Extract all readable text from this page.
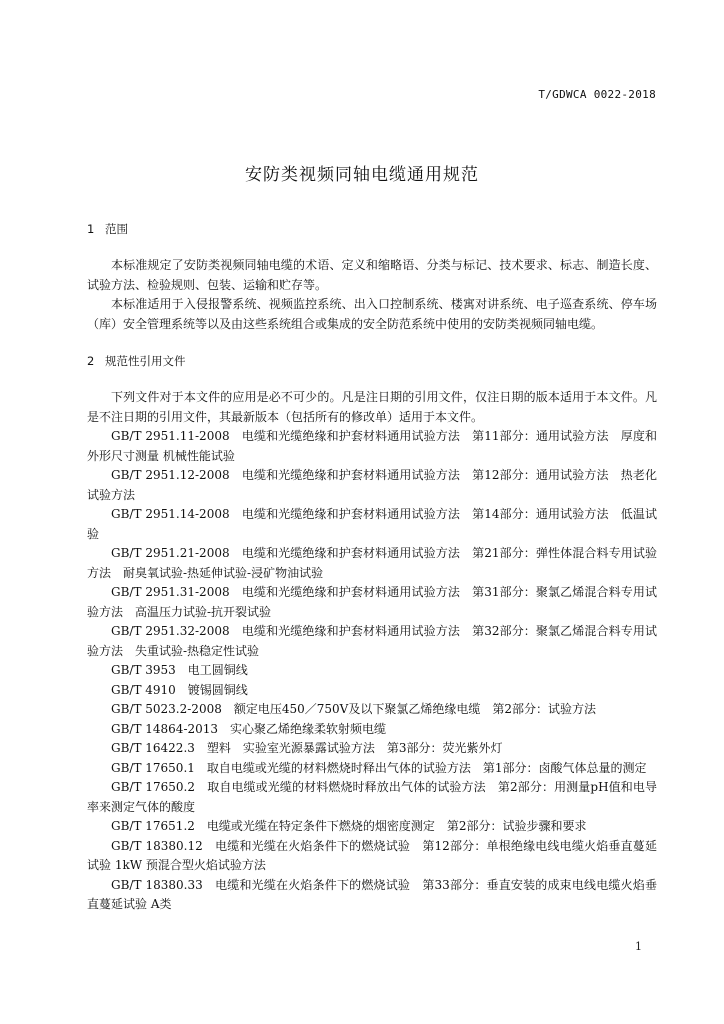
T/GDWCA 0022-2018
安防类视频同轴电缆通用规范
1 范围

本标准规定了安防类视频同轴电缆的术语、定义和缩略语、分类与标记、技术要求、标志、制造长度、试验方法、检验规则、包装、运输和贮存等。

本标准适用于入侵报警系统、视频监控系统、出入口控制系统、楼寓对讲系统、电子巡查系统、停车场（库）安全管理系统等以及由这些系统组合或集成的安全防范系统中使用的安防类视频同轴电缆。

2 规范性引用文件

下列文件对于本文件的应用是必不可少的。凡是注日期的引用文件，仅注日期的版本适用于本文件。凡是不注日期的引用文件，其最新版本（包括所有的修改单）适用于本文件。

GB/T 2951.11-2008　电缆和光缆绝缘和护套材料通用试验方法　第11部分：通用试验方法　厚度和外形尺寸测量 机械性能试验

GB/T 2951.12-2008　电缆和光缆绝缘和护套材料通用试验方法　第12部分：通用试验方法　热老化试验方法

GB/T 2951.14-2008　电缆和光缆绝缘和护套材料通用试验方法　第14部分：通用试验方法　低温试验

GB/T 2951.21-2008　电缆和光缆绝缘和护套材料通用试验方法　第21部分：弹性体混合料专用试验方法　耐臭氧试验-热延伸试验-浸矿物油试验

GB/T 2951.31-2008　电缆和光缆绝缘和护套材料通用试验方法　第31部分：聚氯乙烯混合料专用试验方法　高温压力试验-抗开裂试验

GB/T 2951.32-2008　电缆和光缆绝缘和护套材料通用试验方法　第32部分：聚氯乙烯混合料专用试验方法　失重试验-热稳定性试验

GB/T 3953　电工圆铜线

GB/T 4910　镀锡圆铜线

GB/T 5023.2-2008　额定电压450／750V及以下聚氯乙烯绝缘电缆　第2部分：试验方法

GB/T 14864-2013　实心聚乙烯绝缘柔软射频电缆

GB/T 16422.3　塑料　实验室光源暴露试验方法　第3部分：荧光紫外灯

GB/T 17650.1　取自电缆或光缆的材料燃烧时释出气体的试验方法　第1部分：卤酸气体总量的测定

GB/T 17650.2　取自电缆或光缆的材料燃烧时释放出气体的试验方法　第2部分：用测量pH值和电导率来测定气体的酸度

GB/T 17651.2　电缆或光缆在特定条件下燃烧的烟密度测定　第2部分：试验步骤和要求

GB/T 18380.12　电缆和光缆在火焰条件下的燃烧试验　第12部分：单根绝缘电线电缆火焰垂直蔓延试验 1kW 预混合型火焰试验方法

GB/T 18380.33　电缆和光缆在火焰条件下的燃烧试验　第33部分：垂直安装的成束电线电缆火焰垂直蔓延试验 A类

1
